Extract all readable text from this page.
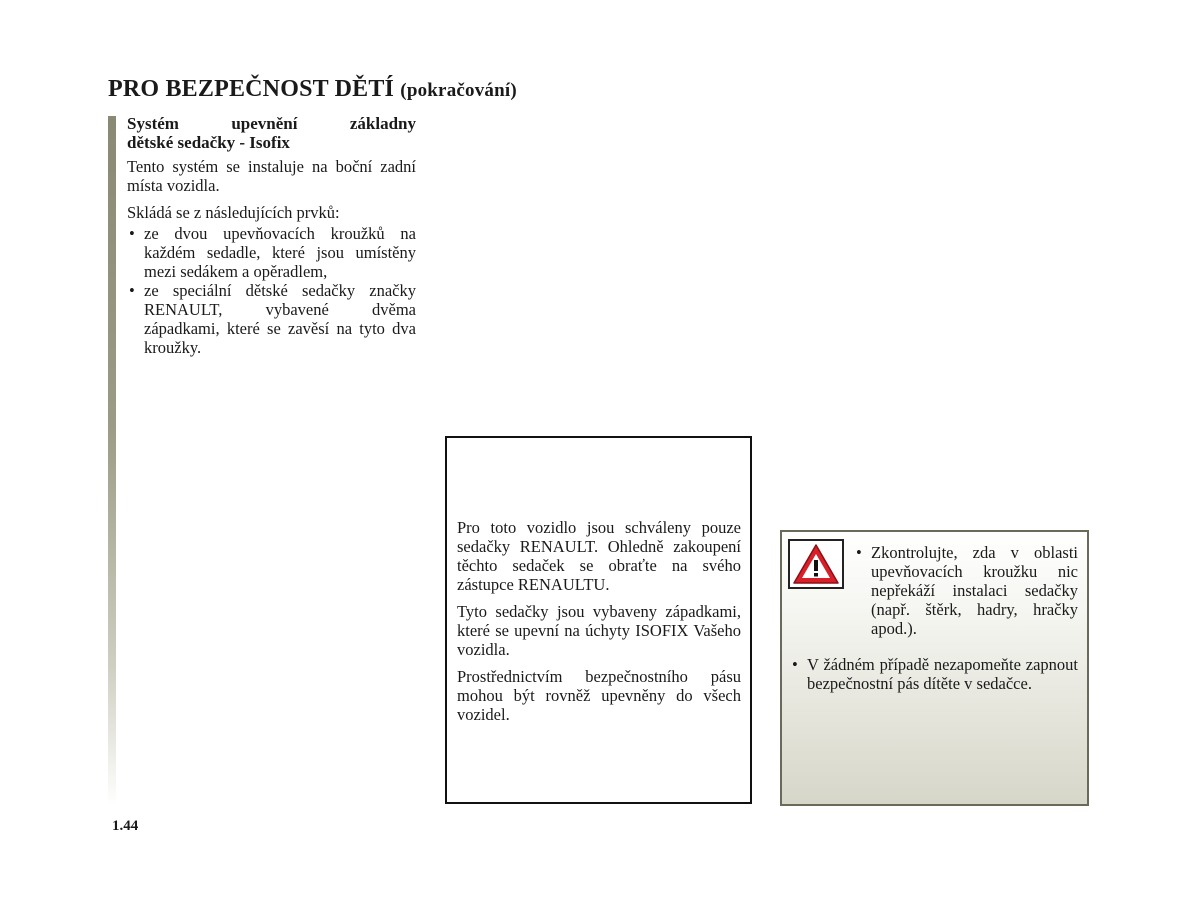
PRO BEZPEČNOST DĚTÍ (pokračování)
Systém upevnění základny
dětské sedačky - Isofix

Tento systém se instaluje na boční zadní místa vozidla.

Skládá se z následujících prvků:

• ze dvou upevňovacích kroužků na každém sedadle, které jsou umístěny mezi sedákem a opěradlem,
• ze speciální dětské sedačky značky RENAULT, vybavené dvěma západkami, které se zavěsí na tyto dva kroužky.

Pro toto vozidlo jsou schváleny pouze sedačky RENAULT. Ohledně zakoupení těchto sedaček se obraťte na svého zástupce RENAULTU.

Tyto sedačky jsou vybaveny západkami, které se upevní na úchyty ISOFIX Vašeho vozidla.

Prostřednictvím bezpečnostního pásu mohou být rovněž upevněny do všech vozidel.

• Zkontrolujte, zda v oblasti upevňovacích kroužku nic nepřekáží instalaci sedačky (např. štěrk, hadry, hračky apod.).
• V žádném případě nezapomeňte zapnout bezpečnostní pás dítěte v sedačce.
1.44
